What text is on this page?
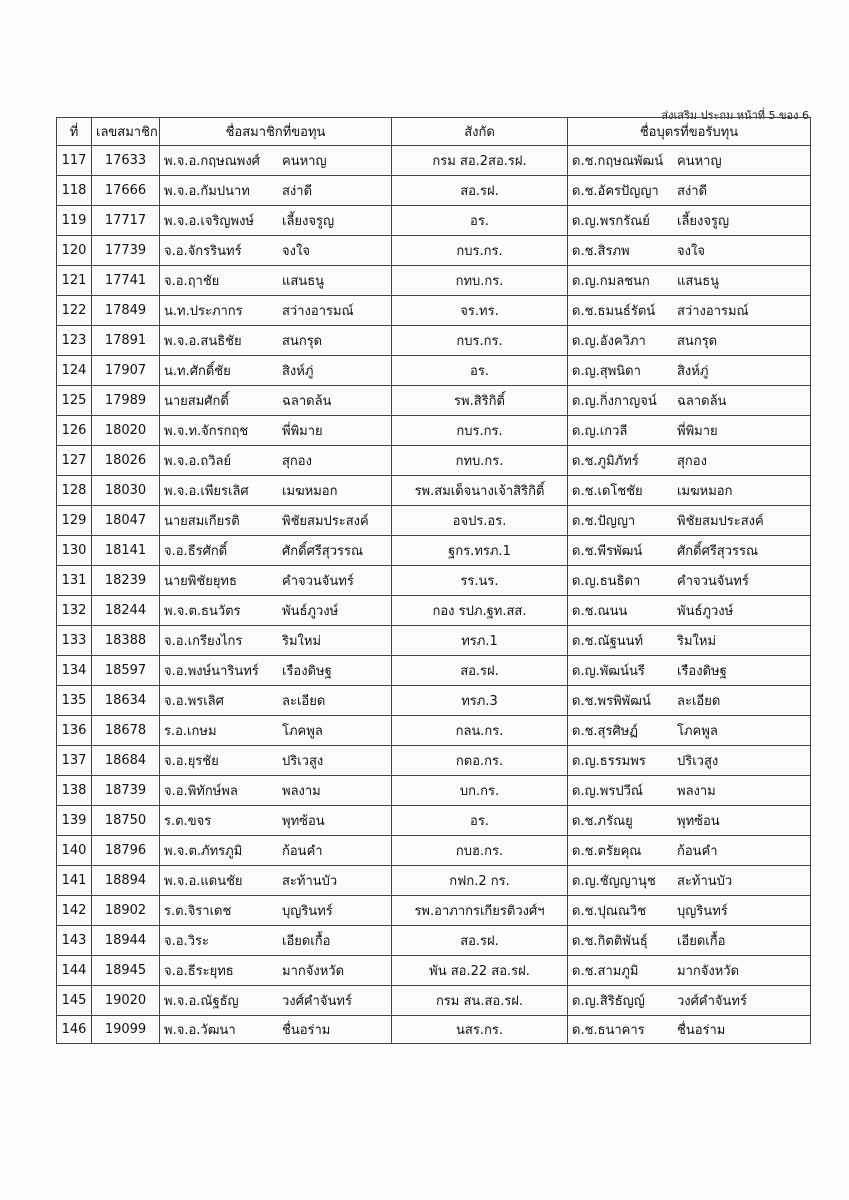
ส่งเสริม ประถม หน้าที่ 5 ของ 6
ที่	เลขสมาชิก	ชื่อสมาชิกที่ขอทุน	สังกัด	ชื่อบุตรที่ขอรับทุน
117	17633	พ.จ.อ.กฤษณพงศ์ คนหาญ	กรม สอ.2สอ.รฝ.	ด.ช.กฤษณพัฒน์ คนหาญ
118	17666	พ.จ.อ.กัมปนาท สง่าดี	สอ.รฝ.	ด.ช.อัครปัญญา สง่าดี
119	17717	พ.จ.อ.เจริญพงษ์ เลี้ยงจรูญ	อร.	ด.ญ.พรกรัณย์ เลี้ยงจรูญ
120	17739	จ.อ.จักรรินทร์ จงใจ	กบร.กร.	ด.ช.สิรภพ จงใจ
121	17741	จ.อ.ฤาชัย แสนธนู	กทบ.กร.	ด.ญ.กมลชนก แสนธนู
122	17849	น.ท.ประภากร สว่างอารมณ์	จร.ทร.	ด.ช.ธมนธ์รัตน์ สว่างอารมณ์
123	17891	พ.จ.อ.สนธิชัย สนกรุด	กบร.กร.	ด.ญ.อังควิภา สนกรุด
124	17907	น.ท.ศักดิ์ชัย สิงห์ภู่	อร.	ด.ญ.สุพนิดา สิงห์ภู่
125	17989	นายสมศักดิ์ ฉลาดล้น	รพ.สิริกิติ์	ด.ญ.กิ่งกาญจน์ ฉลาดล้น
126	18020	พ.จ.ท.จักรกฤช พี่พิมาย	กบร.กร.	ด.ญ.เกวลี พี่พิมาย
127	18026	พ.จ.อ.ถวิลย์ สุกอง	กทบ.กร.	ด.ช.ภูมิภัทร์ สุกอง
128	18030	พ.จ.อ.เพียรเลิศ เมฆหมอก	รพ.สมเด็จนางเจ้าสิริกิติ์	ด.ช.เดโชชัย เมฆหมอก
129	18047	นายสมเกียรติ พิชัยสมประสงค์	อจปร.อร.	ด.ช.ปัญญา พิชัยสมประสงค์
130	18141	จ.อ.ธีรศักดิ์ ศักดิ์ศรีสุวรรณ	ฐกร.ทรภ.1	ด.ช.พีรพัฒน์ ศักดิ์ศรีสุวรรณ
131	18239	นายพิชัยยุทธ คำจวนจันทร์	รร.นร.	ด.ญ.ธนธิดา คำจวนจันทร์
132	18244	พ.จ.ต.ธนวัตร พันธ์ภูวงษ์	กอง รปภ.ฐท.สส.	ด.ช.ณนน พันธ์ภูวงษ์
133	18388	จ.อ.เกรียงไกร ริมใหม่	ทรภ.1	ด.ช.ณัฐนนท์ ริมใหม่
134	18597	จ.อ.พงษ์นารินทร์ เรืองดิษฐ	สอ.รฝ.	ด.ญ.พัฒน์นรี เรืองดิษฐ
135	18634	จ.อ.พรเลิศ ละเอียด	ทรภ.3	ด.ช.พรพิพัฒน์ ละเอียด
136	18678	ร.อ.เกษม โภคพูล	กลน.กร.	ด.ช.สุรศิษฏ์ โภคพูล
137	18684	จ.อ.ยุรชัย ปริเวสูง	กตอ.กร.	ด.ญ.ธรรมพร ปริเวสูง
138	18739	จ.อ.พิทักษ์พล พลงาม	บก.กร.	ด.ญ.พรปวีณ์ พลงาม
139	18750	ร.ต.ขจร พุทซ้อน	อร.	ด.ช.ภรัณยู พุทซ้อน
140	18796	พ.จ.ต.ภัทรภูมิ ก้อนคำ	กบฮ.กร.	ด.ช.ตรัยคุณ ก้อนคำ
141	18894	พ.จ.อ.แดนชัย สะท้านบัว	กฟก.2 กร.	ด.ญ.ชัญญานุช สะท้านบัว
142	18902	ร.ต.จิราเดช บุญรินทร์	รพ.อาภากรเกียรติวงศ์ฯ	ด.ช.ปุณณวิช บุญรินทร์
143	18944	จ.อ.วิระ เอียดเกื้อ	สอ.รฝ.	ด.ช.กิตติพันธุ์ เอียดเกื้อ
144	18945	จ.อ.ธีระยุทธ มากจังหวัด	พัน สอ.22 สอ.รฝ.	ด.ช.สามภูมิ มากจังหวัด
145	19020	พ.จ.อ.ณัฐธัญ วงศ์คำจันทร์	กรม สน.สอ.รฝ.	ด.ญ.สิริธัญญ์ วงศ์คำจันทร์
146	19099	พ.จ.อ.วัฒนา ชื่นอร่าม	นสร.กร.	ด.ช.ธนาคาร ชื่นอร่าม
